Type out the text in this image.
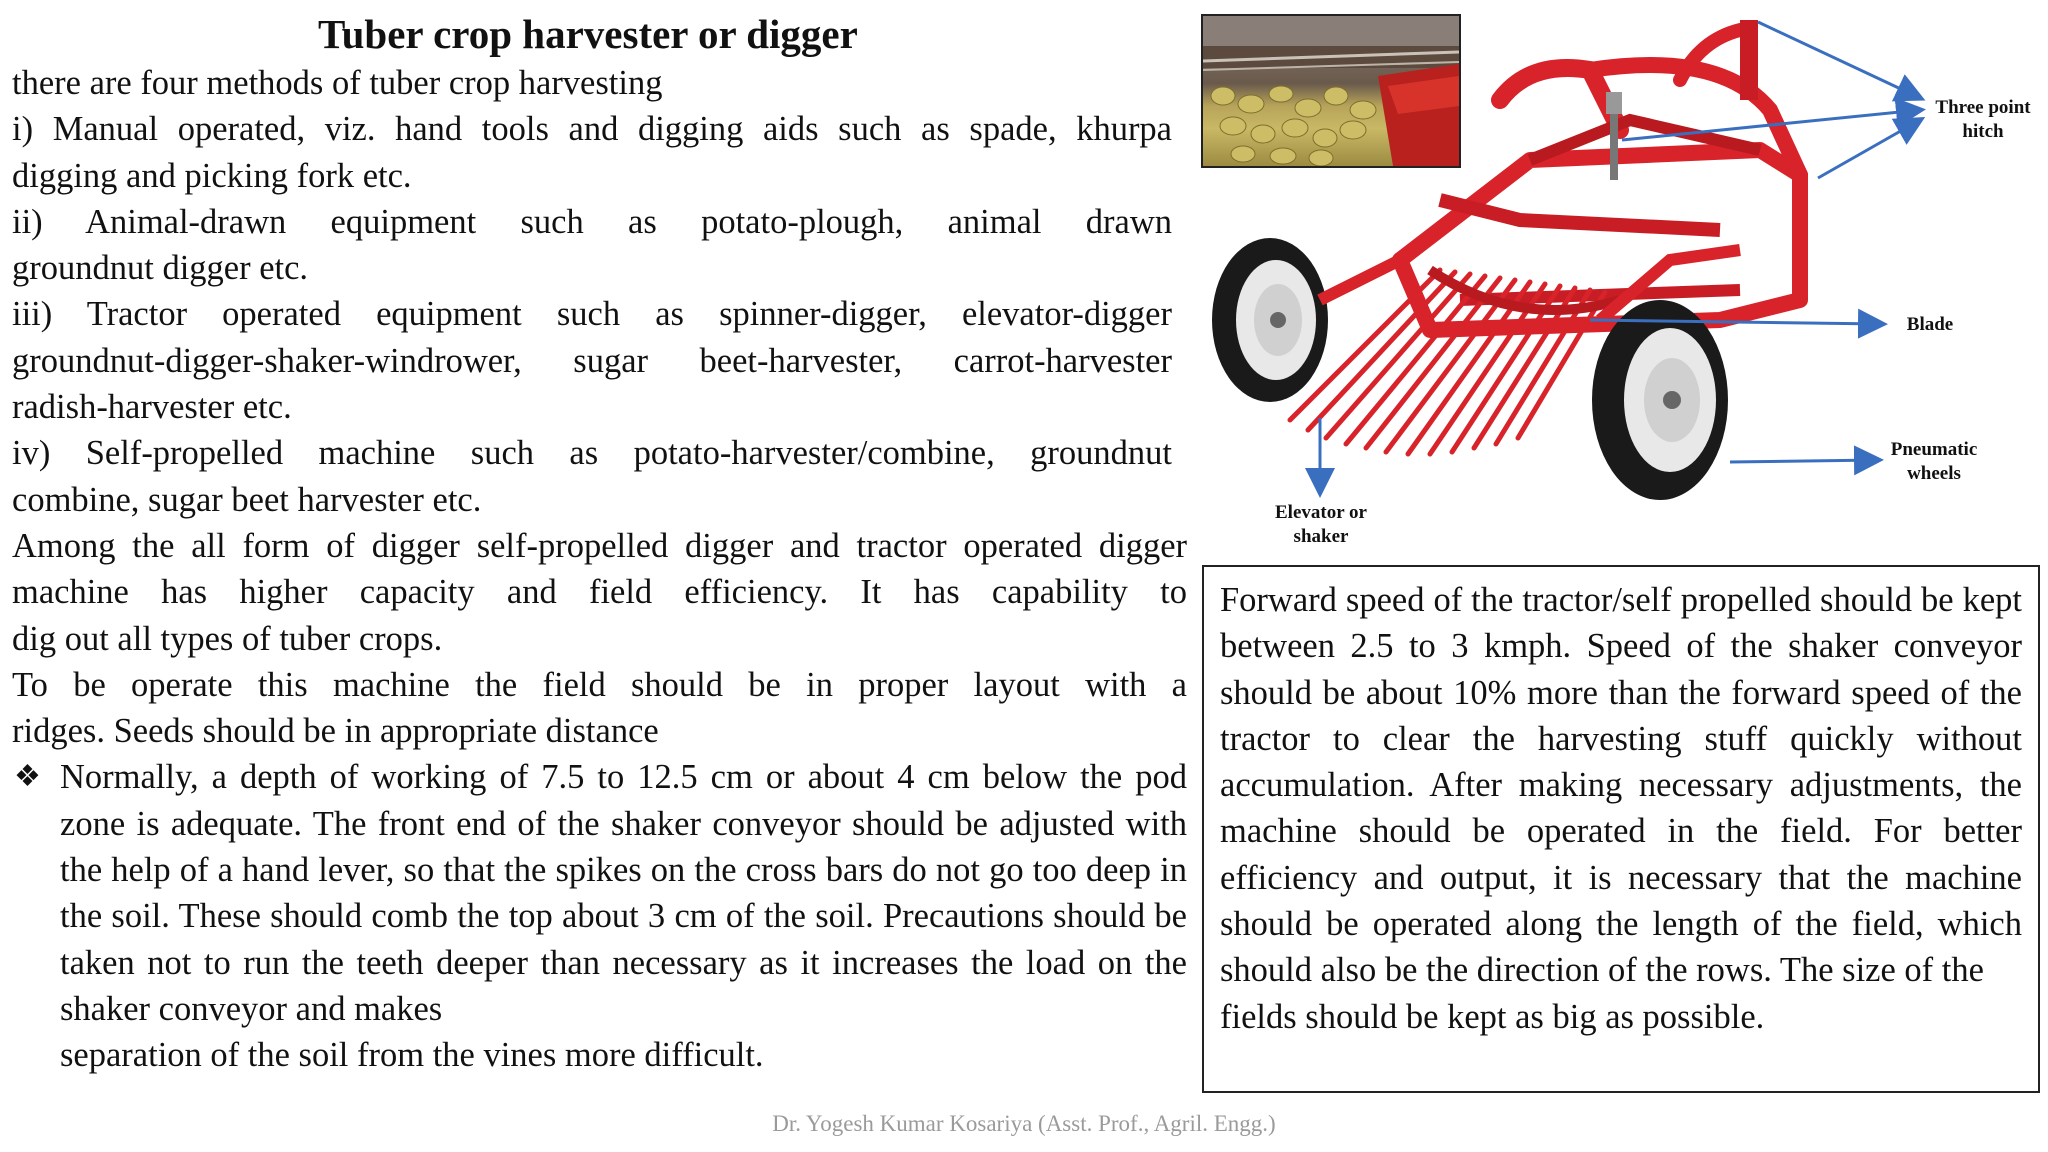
Tuber crop harvester or digger

there are four methods of tuber crop harvesting

i) Manual operated, viz. hand tools and digging aids such as spade, khurpa

digging and picking fork etc.

ii) Animal-drawn equipment such as potato-plough, animal drawn

groundnut digger etc.

iii) Tractor operated equipment such as spinner-digger, elevator-digger

groundnut-digger-shaker-windrower, sugar beet-harvester, carrot-harvester

radish-harvester etc.

iv) Self-propelled machine such as potato-harvester/combine, groundnut

combine, sugar beet harvester etc.

Among the all form of digger self-propelled digger and tractor operated digger machine has higher capacity and field efficiency. It has capability to

dig out all types of tuber crops.

To be operate this machine the field should be in proper layout with a

ridges. Seeds should be in appropriate distance

❖ Normally, a depth of working of 7.5 to 12.5 cm or about 4 cm below the pod zone is adequate. The front end of the shaker conveyor should be adjusted with the help of a hand lever, so that the spikes on the cross bars do not go too deep in the soil. These should comb the top about 3 cm of the soil. Precautions should be taken not to run the teeth deeper than necessary as it increases the load on the shaker conveyor and makes
separation of the soil from the vines more difficult.
Three point
hitch
Blade
Pneumatic
wheels
Elevator or
shaker
Forward speed of the tractor/self propelled should be kept between 2.5 to 3 kmph. Speed of the shaker conveyor should be about 10% more than the forward speed of the tractor to clear the harvesting stuff quickly without accumulation. After making necessary adjustments, the machine should be operated in the field. For better efficiency and output, it is necessary that the machine should be operated along the length of the field, which should also be the direction of the rows. The size of the
fields should be kept as big as possible.
Dr. Yogesh Kumar Kosariya (Asst. Prof., Agril. Engg.)
